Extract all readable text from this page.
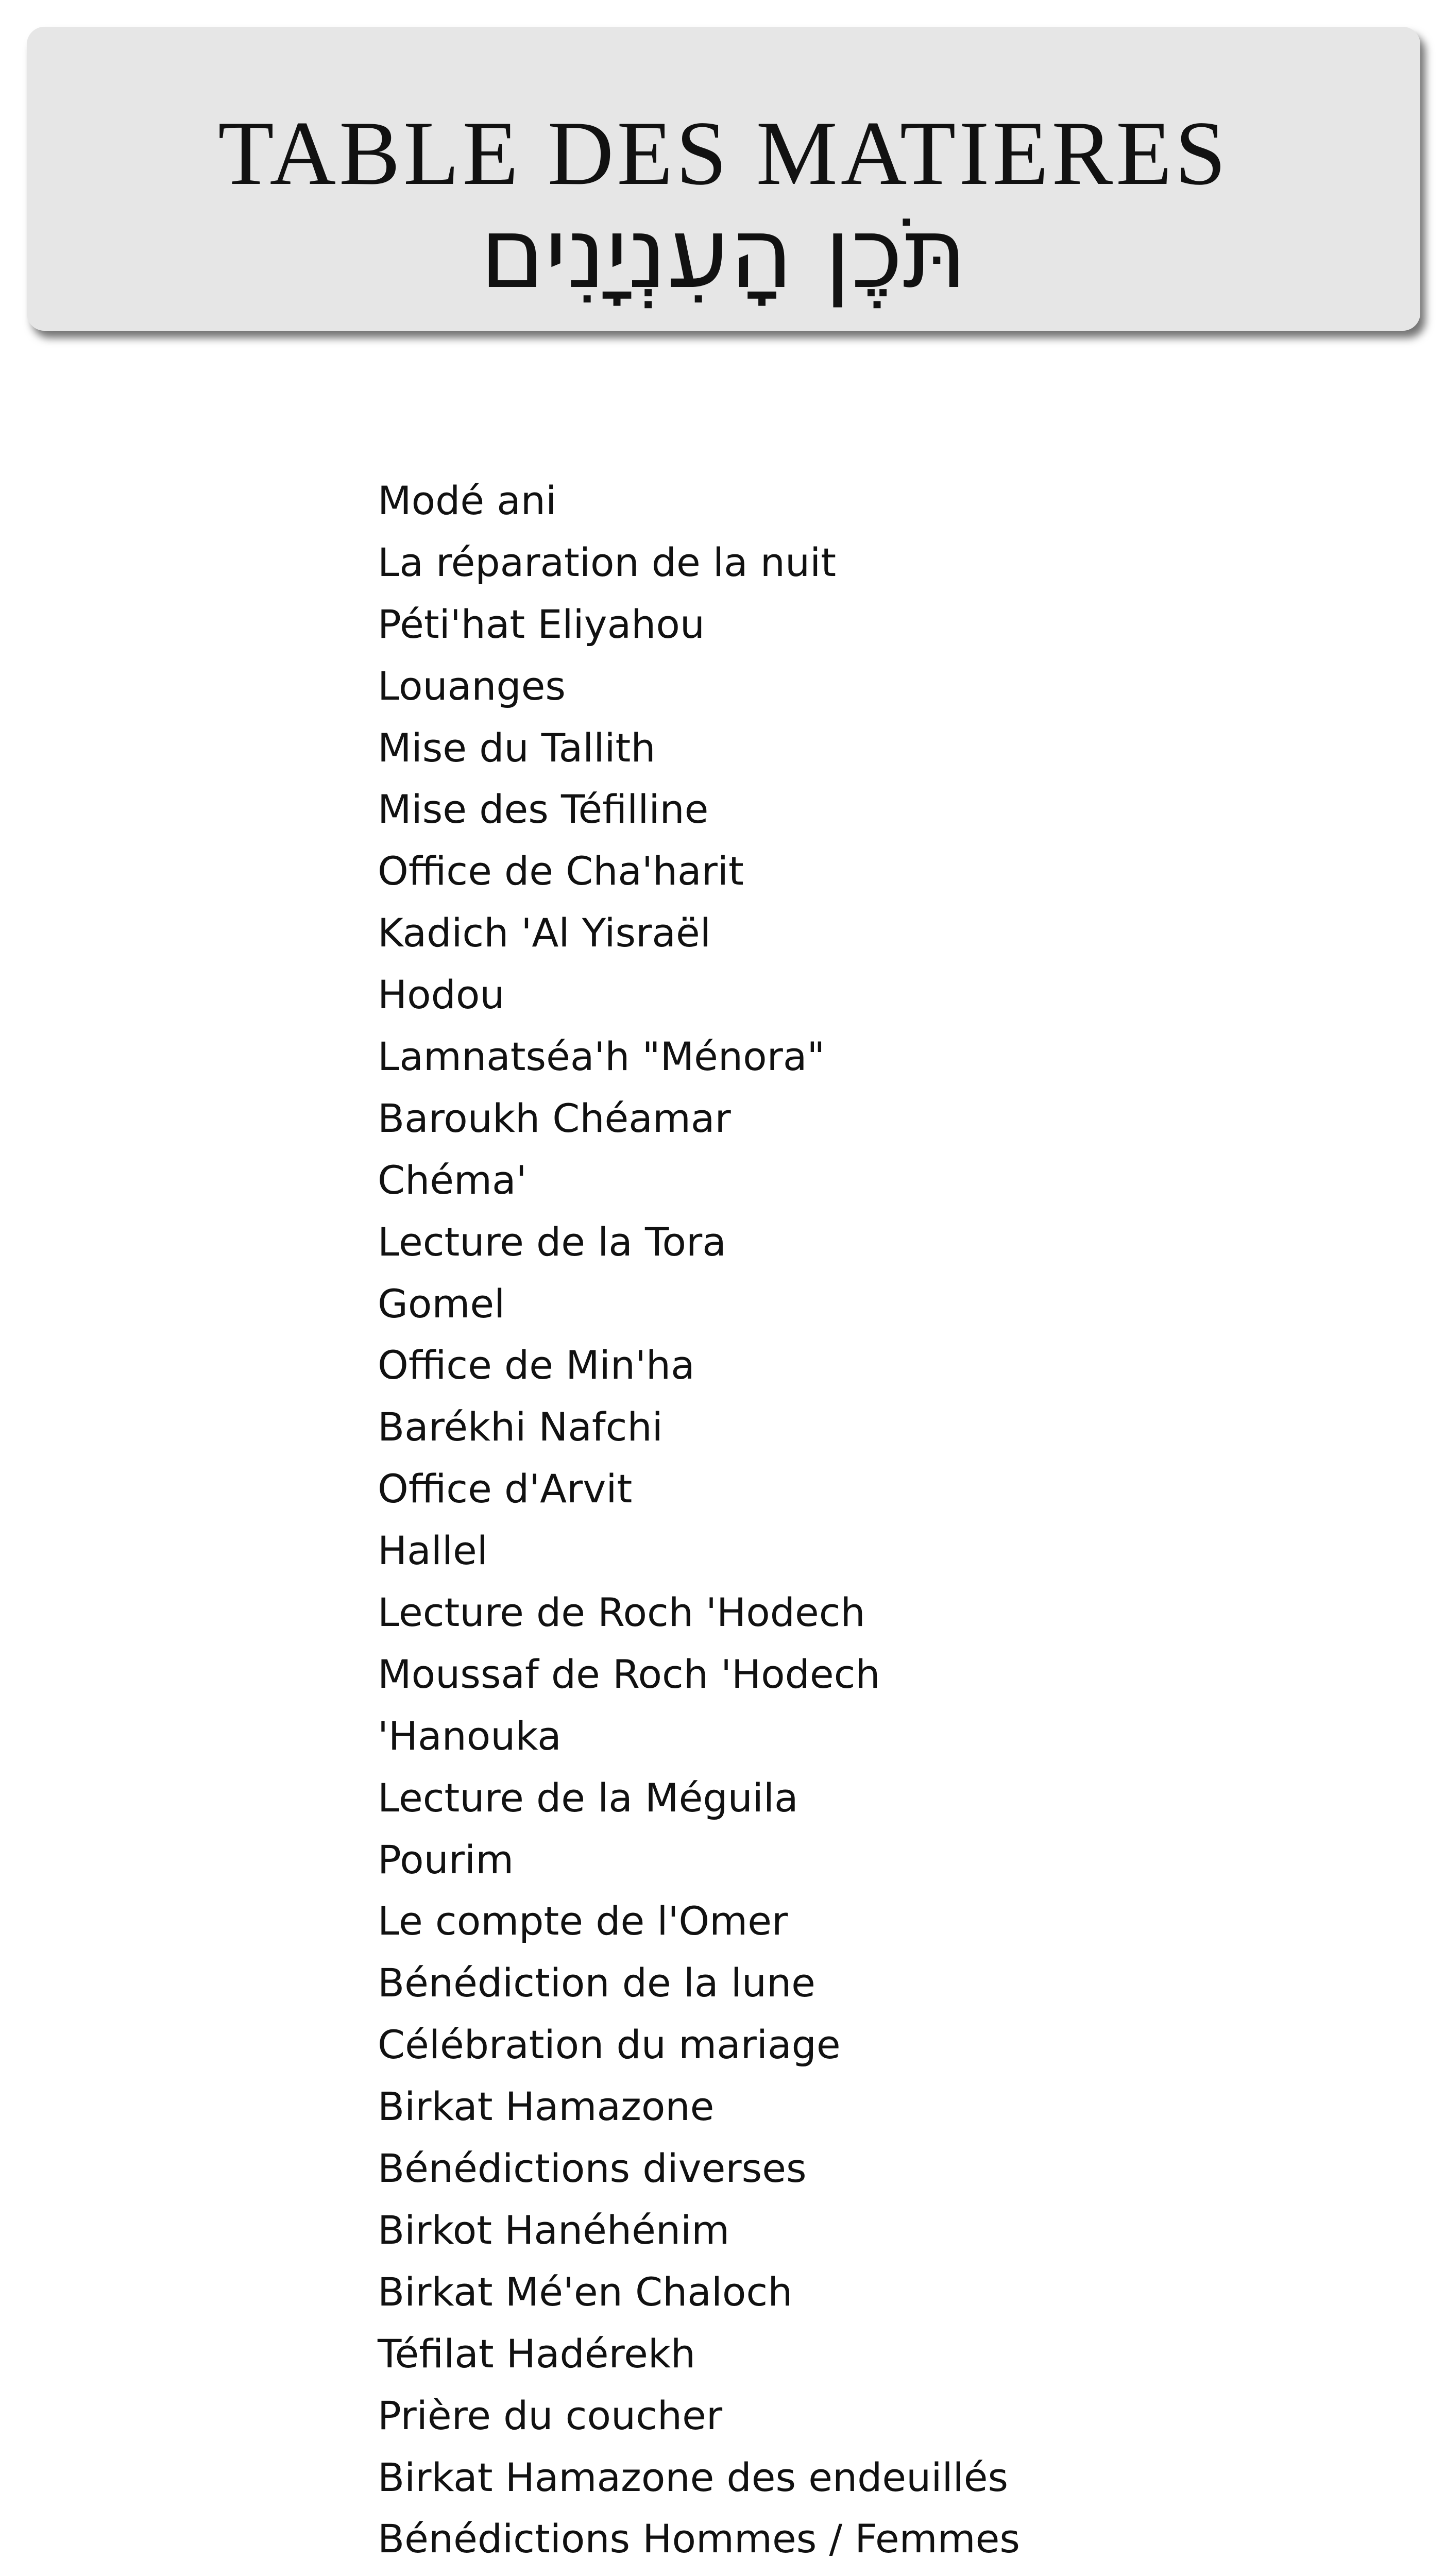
TABLE DES MATIERES
תֹּכֶן הָעִנְיָנִים
Modé ani
La réparation de la nuit
Péti'hat Eliyahou
Louanges
Mise du Tallith
Mise des Téfilline
Office de Cha'harit
Kadich 'Al Yisraël
Hodou
Lamnatséa'h "Ménora"
Baroukh Chéamar
Chéma'
Lecture de la Tora
Gomel
Office de Min'ha
Barékhi Nafchi
Office d'Arvit
Hallel
Lecture de Roch 'Hodech
Moussaf de Roch 'Hodech
'Hanouka
Lecture de la Méguila
Pourim
Le compte de l'Omer
Bénédiction de la lune
Célébration du mariage
Birkat Hamazone
Bénédictions diverses
Birkot Hanéhénim
Birkat Mé'en Chaloch
Téfilat Hadérekh
Prière du coucher
Birkat Hamazone des endeuillés
Bénédictions Hommes / Femmes
